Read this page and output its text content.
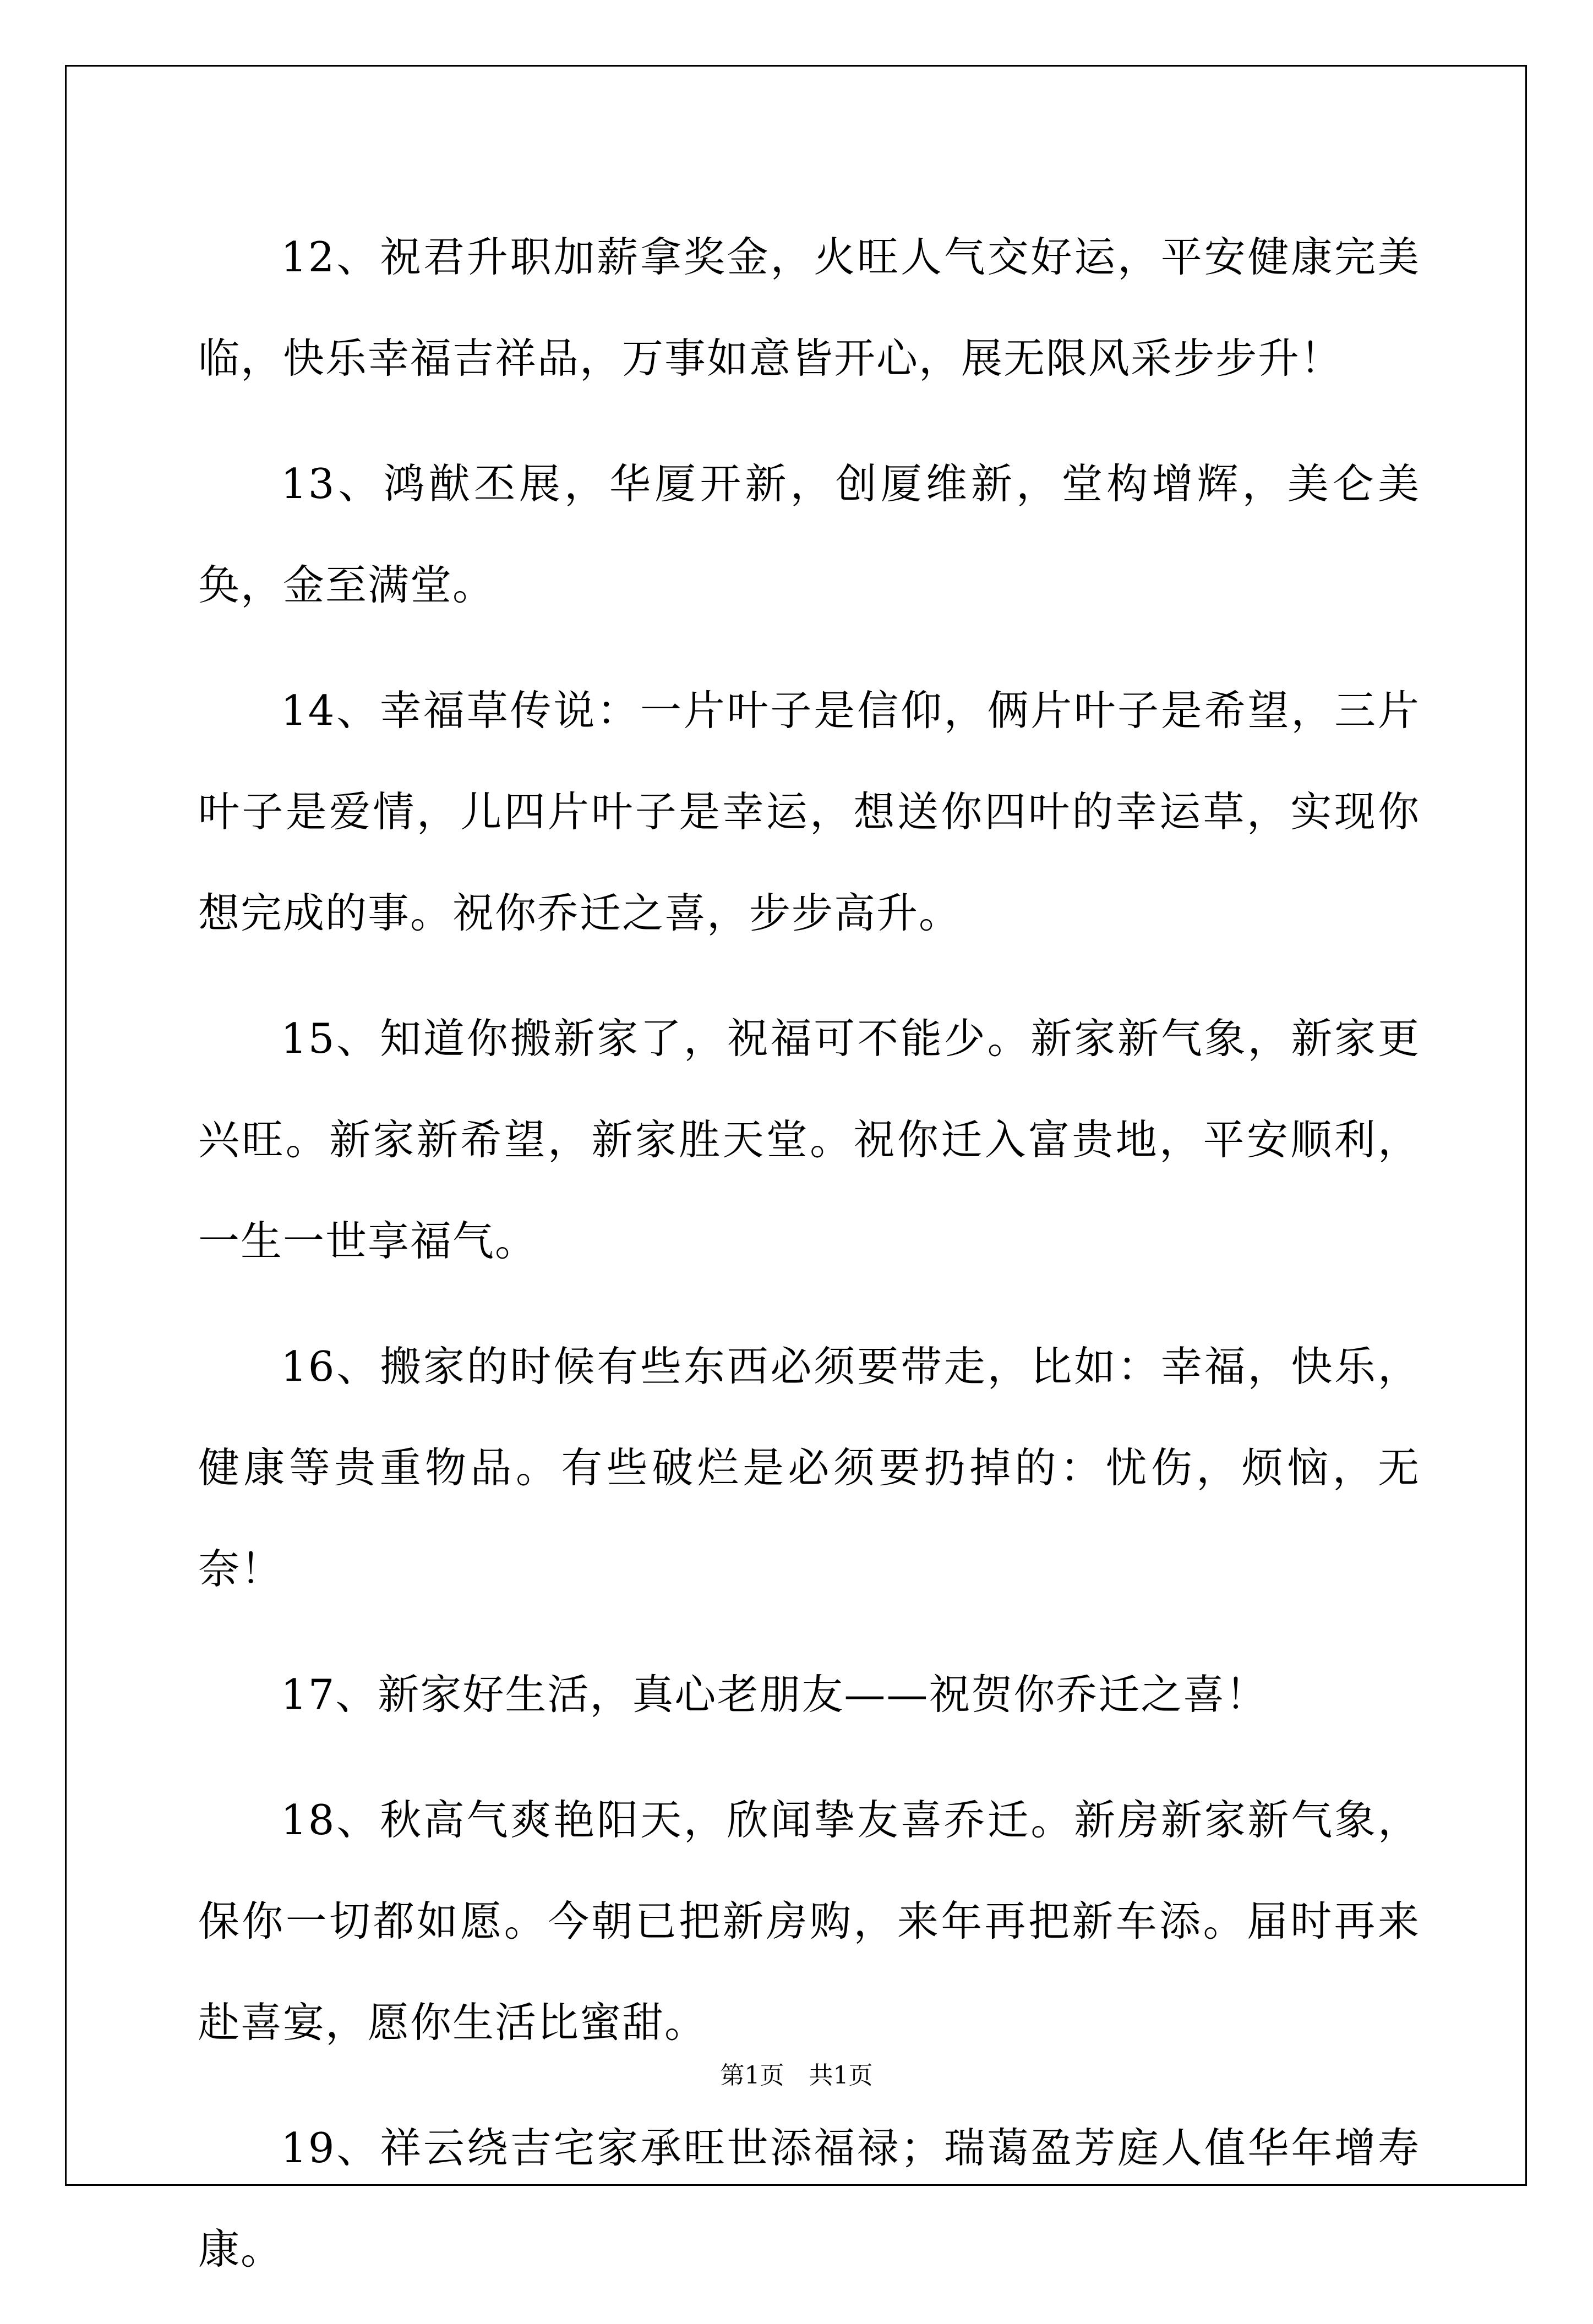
12、祝君升职加薪拿奖金，火旺人气交好运，平安健康完美临，快乐幸福吉祥品，万事如意皆开心，展无限风采步步升！

13、鸿猷丕展，华厦开新，创厦维新，堂构增辉，美仑美奂，金至满堂。

14、幸福草传说：一片叶子是信仰，俩片叶子是希望，三片叶子是爱情，儿四片叶子是幸运，想送你四叶的幸运草，实现你想完成的事。祝你乔迁之喜，步步高升。

15、知道你搬新家了，祝福可不能少。新家新气象，新家更兴旺。新家新希望，新家胜天堂。祝你迁入富贵地，平安顺利，一生一世享福气。

16、搬家的时候有些东西必须要带走，比如：幸福，快乐，健康等贵重物品。有些破烂是必须要扔掉的：忧伤，烦恼，无奈！

17、新家好生活，真心老朋友——祝贺你乔迁之喜！

18、秋高气爽艳阳天，欣闻挚友喜乔迁。新房新家新气象，保你一切都如愿。今朝已把新房购，来年再把新车添。届时再来赴喜宴，愿你生活比蜜甜。

19、祥云绕吉宅家承旺世添福禄；瑞蔼盈芳庭人值华年增寿康。

第1页 共1页
